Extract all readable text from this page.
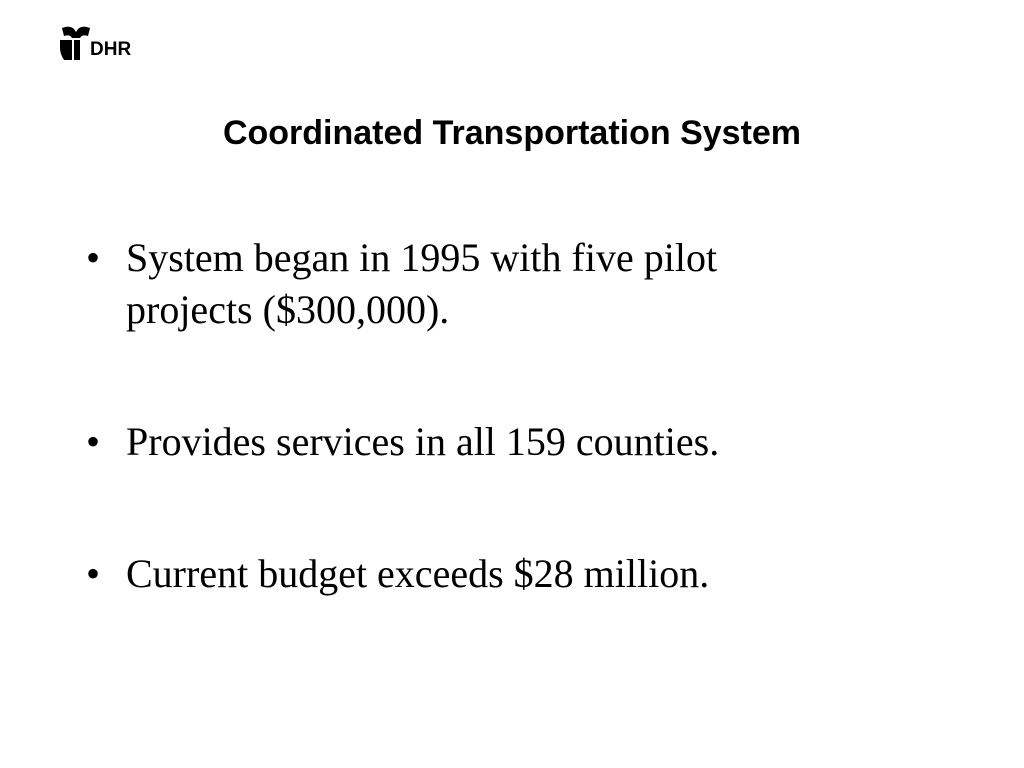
DHR
Coordinated Transportation System
• System began in 1995 with five pilot projects ($300,000).
• Provides services in all 159 counties.
• Current budget exceeds $28 million.
